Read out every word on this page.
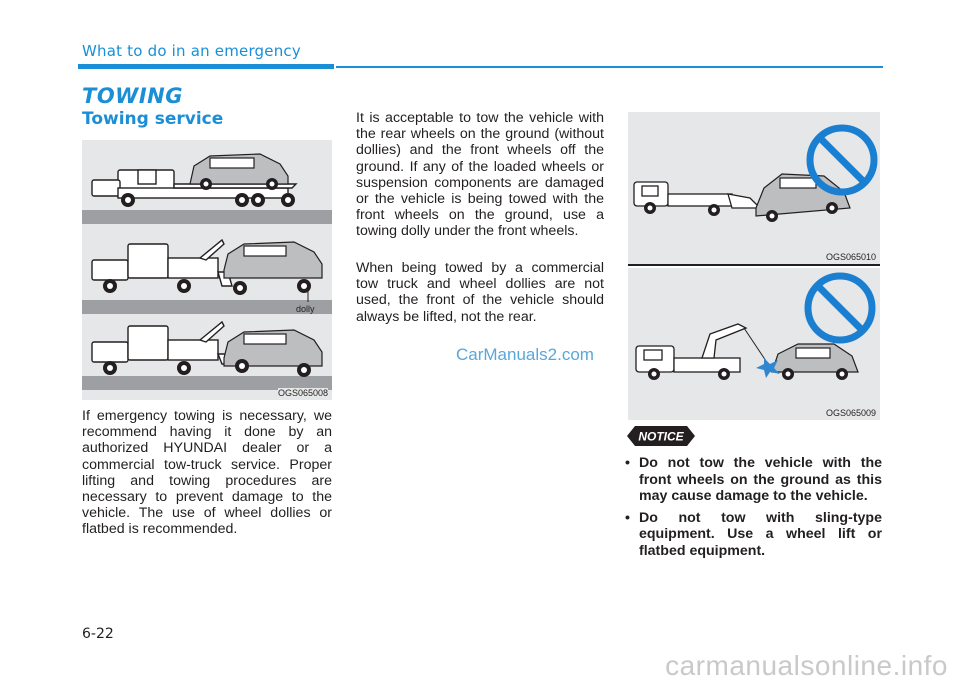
What to do in an emergency
TOWING
Towing service
dolly
OGS065008

If emergency towing is necessary, we recommend having it done by an authorized HYUNDAI dealer or a commercial tow-truck service. Proper lifting and towing procedures are necessary to prevent damage to the vehicle. The use of wheel dollies or flatbed is recommended.

It is acceptable to tow the vehicle with the rear wheels on the ground (without dollies) and the front wheels off the ground. If any of the loaded wheels or suspension components are damaged or the vehicle is being towed with the front wheels on the ground, use a towing dolly under the front wheels.

When being towed by a commercial tow truck and wheel dollies are not used, the front of the vehicle should always be lifted, not the rear.

CarManuals2.com
OGS065010
OGS065009
NOTICE
• Do not tow the vehicle with the front wheels on the ground as this may cause damage to the vehicle.
• Do not tow with sling-type equipment. Use a wheel lift or flatbed equipment.
6-22
carmanualsonline.info
